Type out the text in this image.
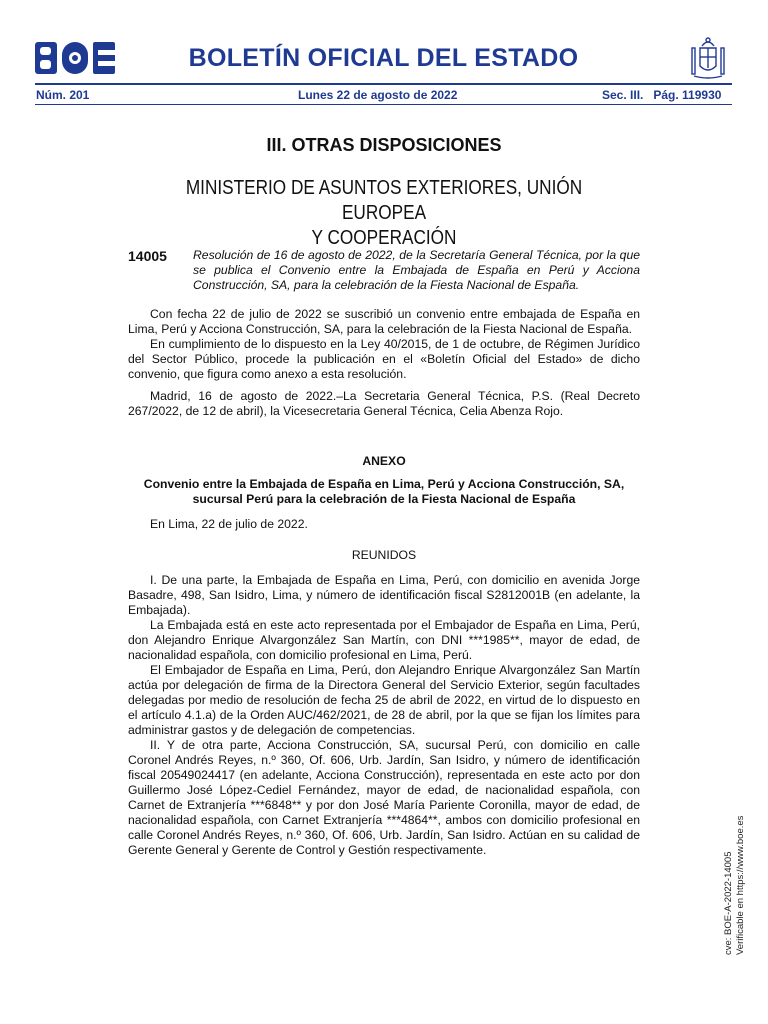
BOLETÍN OFICIAL DEL ESTADO
Núm. 201	Lunes 22 de agosto de 2022	Sec. III.   Pág. 119930
III. OTRAS DISPOSICIONES
MINISTERIO DE ASUNTOS EXTERIORES, UNIÓN EUROPEA
Y COOPERACIÓN
14005 Resolución de 16 de agosto de 2022, de la Secretaría General Técnica, por la que se publica el Convenio entre la Embajada de España en Perú y Acciona Construcción, SA, para la celebración de la Fiesta Nacional de España.

Con fecha 22 de julio de 2022 se suscribió un convenio entre embajada de España en Lima, Perú y Acciona Construcción, SA, para la celebración de la Fiesta Nacional de España.

En cumplimiento de lo dispuesto en la Ley 40/2015, de 1 de octubre, de Régimen Jurídico del Sector Público, procede la publicación en el «Boletín Oficial del Estado» de dicho convenio, que figura como anexo a esta resolución.

Madrid, 16 de agosto de 2022.–La Secretaria General Técnica, P.S. (Real Decreto 267/2022, de 12 de abril), la Vicesecretaria General Técnica, Celia Abenza Rojo.

ANEXO

Convenio entre la Embajada de España en Lima, Perú y Acciona Construcción, SA, sucursal Perú para la celebración de la Fiesta Nacional de España

En Lima, 22 de julio de 2022.

REUNIDOS

I. De una parte, la Embajada de España en Lima, Perú, con domicilio en avenida Jorge Basadre, 498, San Isidro, Lima, y número de identificación fiscal S2812001B (en adelante, la Embajada).

La Embajada está en este acto representada por el Embajador de España en Lima, Perú, don Alejandro Enrique Alvargonzález San Martín, con DNI ***1985**, mayor de edad, de nacionalidad española, con domicilio profesional en Lima, Perú.

El Embajador de España en Lima, Perú, don Alejandro Enrique Alvargonzález San Martín actúa por delegación de firma de la Directora General del Servicio Exterior, según facultades delegadas por medio de resolución de fecha 25 de abril de 2022, en virtud de lo dispuesto en el artículo 4.1.a) de la Orden AUC/462/2021, de 28 de abril, por la que se fijan los límites para administrar gastos y de delegación de competencias.

II. Y de otra parte, Acciona Construcción, SA, sucursal Perú, con domicilio en calle Coronel Andrés Reyes, n.º 360, Of. 606, Urb. Jardín, San Isidro, y número de identificación fiscal 20549024417 (en adelante, Acciona Construcción), representada en este acto por don Guillermo José López-Cediel Fernández, mayor de edad, de nacionalidad española, con Carnet de Extranjería ***6848** y por don José María Pariente Coronilla, mayor de edad, de nacionalidad española, con Carnet Extranjería ***4864**, ambos con domicilio profesional en calle Coronel Andrés Reyes, n.º 360, Of. 606, Urb. Jardín, San Isidro. Actúan en su calidad de Gerente General y Gerente de Control y Gestión respectivamente.

cve: BOE-A-2022-14005 Verificable en https://www.boe.es
